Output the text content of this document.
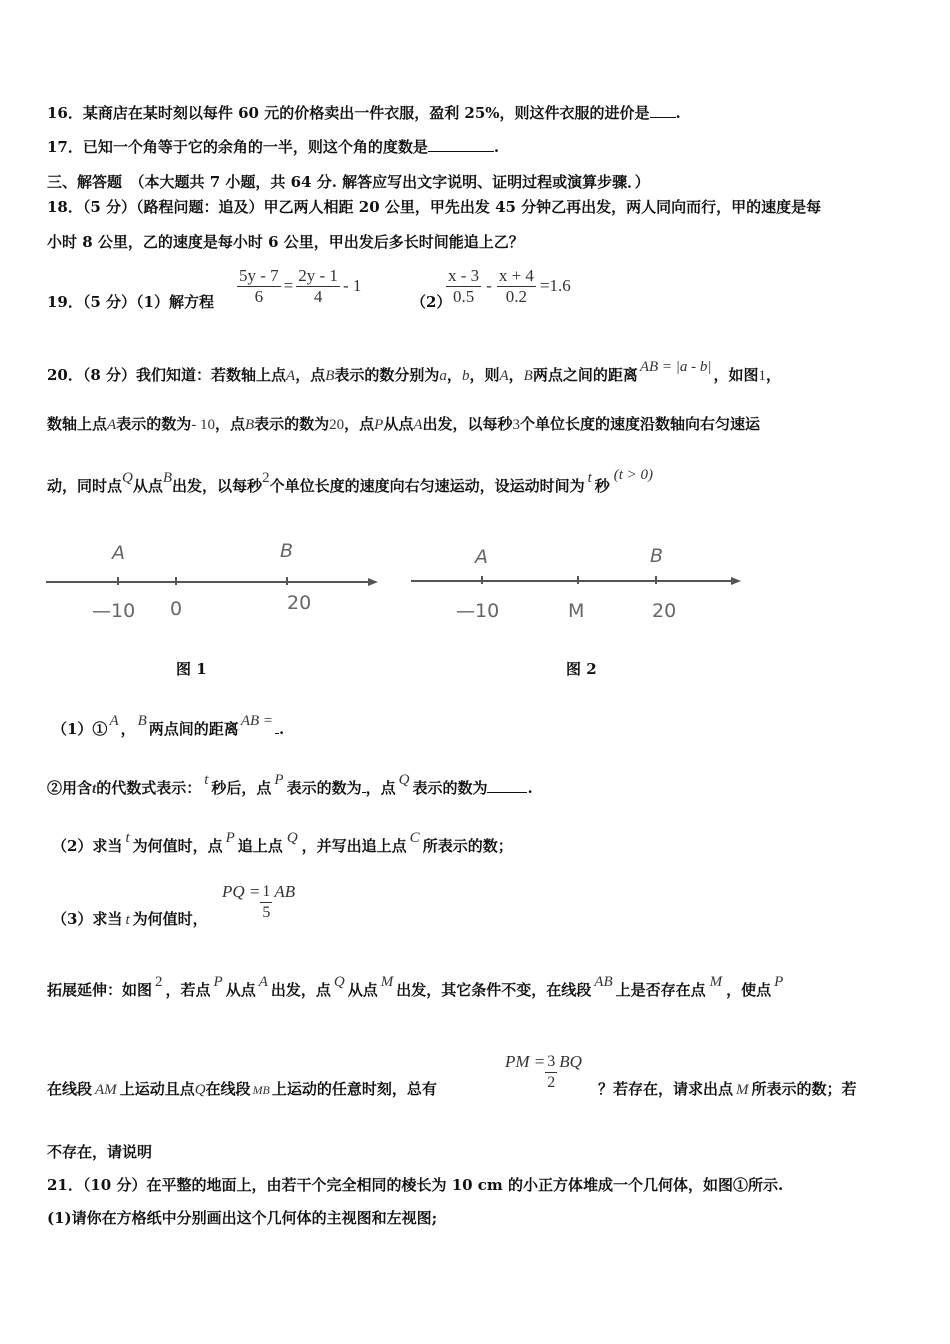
16．某商店在某时刻以每件 60 元的价格卖出一件衣服，盈利 25%，则这件衣服的进价是 .
17．已知一个角等于它的余角的一半，则这个角的度数是	.
三、解答题　（本大题共 7 小题，共 64 分. 解答应写出文字说明、证明过程或演算步骤．）
18．（5 分）（路程问题：追及）甲乙两人相距 20 公里，甲先出发 45 分钟乙再出发，两人同向而行，甲的速度是每
小时 8 公里，乙的速度是每小时 6 公里，甲出发后多长时间能追上乙？
19．（5 分）（1）解方程 $\frac{5y - 7}{6} = \frac{2y - 1}{4} - 1$
（2）
$\frac{x - 3}{0.5} - \frac{x + 4}{0.2} =1.6$
20．（8 分）我们知道：若数轴上点A，点B表示的数分别为a，b，则A，B两点之间的距离 AB = |a - b| ，如图1，
数轴上点A表示的数为- 10，点B表示的数为20，点P从点A出发，以每秒3个单位长度的速度沿数轴向右匀速运
动，同时点Q从点B出发，以每秒2个单位长度的速度向右匀速运动，设运动时间为 t 秒(t > 0)
A	B
—10 0	20
图 1
A	B
—10	M	20
图 2
（1）① A ， B 两点间的距离 AB = .
②用含t的代数式表示： t 秒后，点 P 表示的数为 ，点 Q 表示的数为	.
（2）求当 t 为何值时，点 P 追上点 Q ，并写出追上点 C 所表示的数；
（3）求当 t 为何值时，
PQ = $\frac{1}{5}$ AB
拓展延伸：如图 2 ，若点 P 从点 A 出发，点 Q 从点 M 出发，其它条件不变，在线段 AB 上是否存在点 M ，使点 P
在线段 AM 上运动且点Q在线段 MB 上运动的任意时刻，总有
PM = $\frac{3}{2}$ BQ
？若存在，请求出点 M 所表示的数；若
不存在，请说明
21．（10 分）在平整的地面上，由若干个完全相同的棱长为 10 cm 的小正方体堆成一个几何体，如图①所示.
(1)请你在方格纸中分别画出这个几何体的主视图和左视图;
